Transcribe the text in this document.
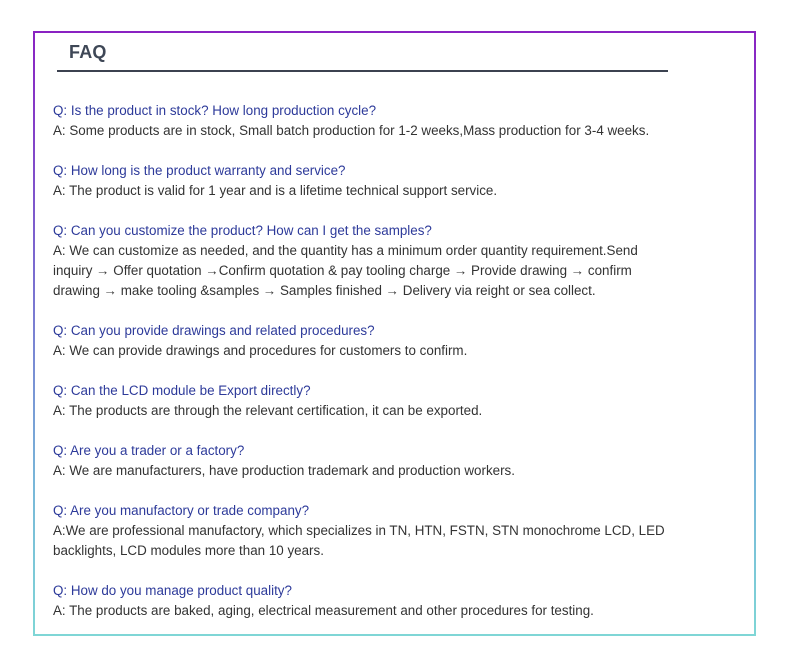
FAQ
Q: Is the product in stock? How long production cycle?
A: Some products are in stock, Small batch production for 1-2 weeks,Mass production for 3-4 weeks.
Q: How long is the product warranty and service?
A: The product is valid for 1 year and is a lifetime technical support service.
Q: Can you customize the product? How can I get the samples?
A: We can customize as needed, and the quantity has a minimum order quantity requirement.Send inquiry → Offer quotation →Confirm quotation & pay tooling charge → Provide drawing → confirm drawing → make tooling &samples → Samples finished → Delivery via reight or sea collect.
Q: Can you provide drawings and related procedures?
A: We can provide drawings and procedures for customers to confirm.
Q: Can the LCD module be Export directly?
A: The products are through the relevant certification, it can be exported.
Q: Are you a trader or a factory?
A: We are manufacturers, have production trademark and production workers.
Q: Are you manufactory or trade company?
A:We are professional manufactory, which specializes in TN, HTN, FSTN, STN monochrome LCD, LED backlights, LCD modules more than 10 years.
Q: How do you manage product quality?
A: The products are baked, aging, electrical measurement and other procedures for testing.
